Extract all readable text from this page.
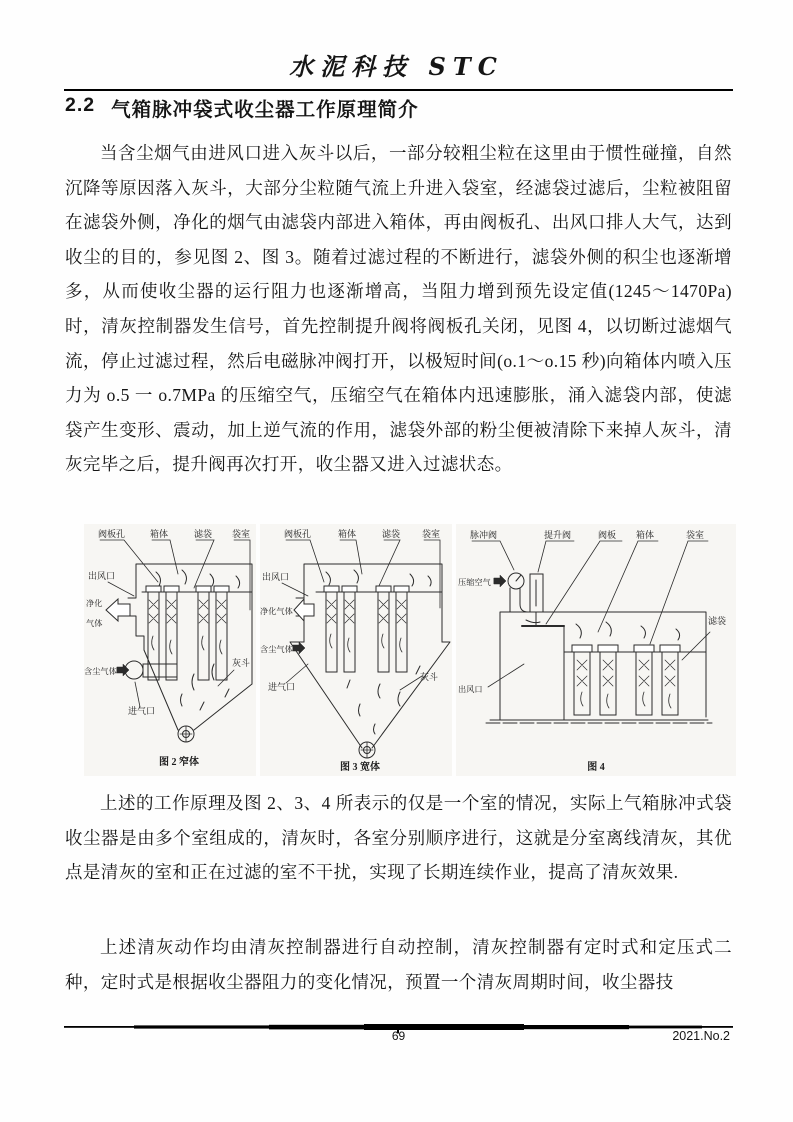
水泥科技 STC
2.2 气箱脉冲袋式收尘器工作原理简介

当含尘烟气由进风口进入灰斗以后，一部分较粗尘粒在这里由于惯性碰撞，自然沉降等原因落入灰斗，大部分尘粒随气流上升进入袋室，经滤袋过滤后，尘粒被阻留在滤袋外侧，净化的烟气由滤袋内部进入箱体，再由阀板孔、出风口排人大气，达到收尘的目的，参见图 2、图 3。随着过滤过程的不断进行，滤袋外侧的积尘也逐渐增多，从而使收尘器的运行阻力也逐渐增高，当阻力增到预先设定值(1245～1470Pa)时，清灰控制器发生信号，首先控制提升阀将阀板孔关闭，见图 4，以切断过滤烟气流，停止过滤过程，然后电磁脉冲阀打开，以极短时间(o.1～o.15 秒)向箱体内喷入压力为 o.5 一 o.7MPa 的压缩空气，压缩空气在箱体内迅速膨胀，涌入滤袋内部，使滤袋产生变形、震动，加上逆气流的作用，滤袋外部的粉尘便被清除下来掉人灰斗，清灰完毕之后，提升阀再次打开，收尘器又进入过滤状态。

阀板孔	箱体	滤袋 袋室
出风口
净化
气体
含尘气体
进气口
灰斗
图 2 窄体
阀板孔	箱体	滤袋 袋室
出风口
净化气体
含尘气体
进气口
灰斗
图 3 宽体
脉冲阀	提升阀	阀板 箱体	袋室
压缩空气
滤袋
出风口
图 4

上述的工作原理及图 2、3、4 所表示的仅是一个室的情况，实际上气箱脉冲式袋收尘器是由多个室组成的，清灰时，各室分别顺序进行，这就是分室离线清灰，其优点是清灰的室和正在过滤的室不干扰，实现了长期连续作业，提高了清灰效果.

上述清灰动作均由清灰控制器进行自动控制，清灰控制器有定时式和定压式二种，定时式是根据收尘器阻力的变化情况，预置一个清灰周期时间，收尘器技

69	2021.No.2
